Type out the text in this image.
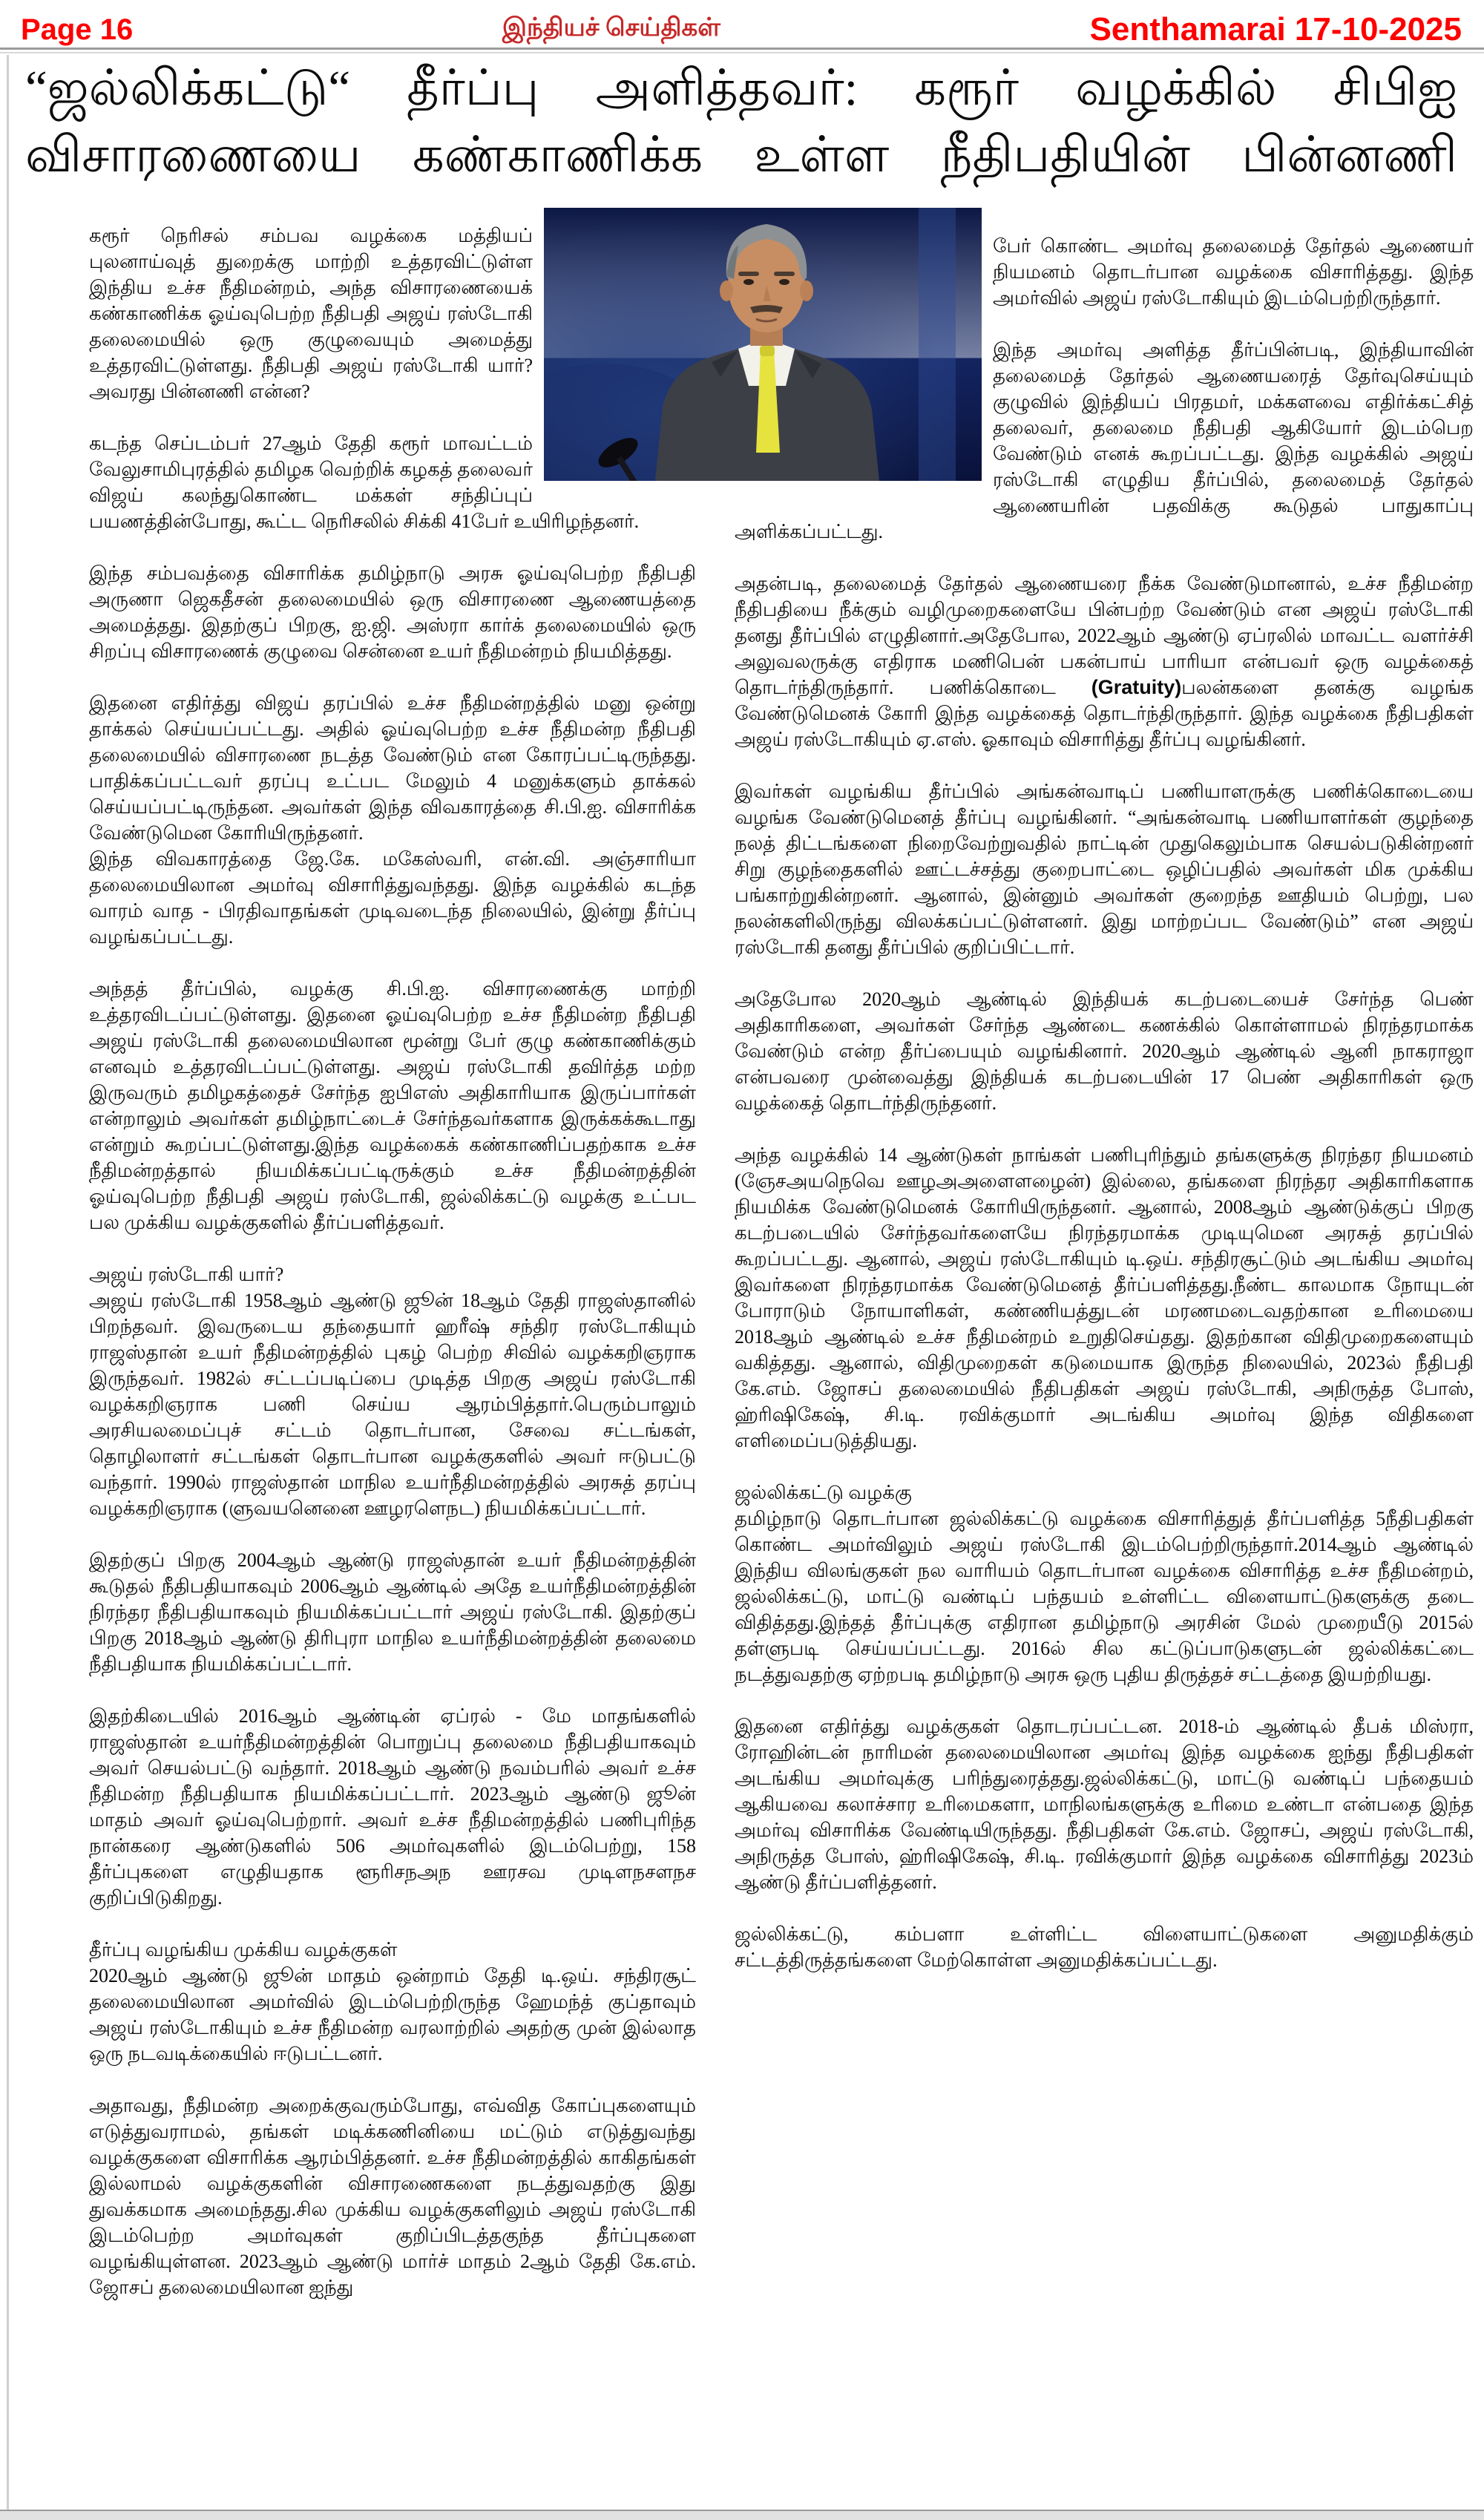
Page 16	இந்தியச் செய்திகள்	Senthamarai 17-10-2025
“ஜல்லிக்கட்டு“ தீர்ப்பு அளித்தவர்: கரூர் வழக்கில் சிபிஐ
விசாரணையை கண்காணிக்க உள்ள நீதிபதியின் பின்னணி

கரூர் நெரிசல் சம்பவ வழக்கை மத்தியப் புலனாய்வுத் துறைக்கு மாற்றி உத்தரவிட்டுள்ள இந்திய உச்ச நீதிமன்றம், அந்த விசாரணையைக் கண்காணிக்க ஓய்வுபெற்ற நீதிபதி அஜய் ரஸ்டோகி தலைமையில் ஒரு குழுவையும் அமைத்து உத்தரவிட்டுள்ளது. நீதிபதி அஜய் ரஸ்டோகி யார்? அவரது பின்னணி என்ன?

கடந்த செப்டம்பர் 27ஆம் தேதி கரூர் மாவட்டம் வேலுசாமிபுரத்தில் தமிழக வெற்றிக் கழகத் தலைவர் விஜய் கலந்துகொண்ட மக்கள் சந்திப்புப் பயணத்தின்போது, கூட்ட நெரிசலில் சிக்கி 41பேர் உயிரிழந்தனர்.

இந்த சம்பவத்தை விசாரிக்க தமிழ்நாடு அரசு ஓய்வுபெற்ற நீதிபதி அருணா ஜெகதீசன் தலைமையில் ஒரு விசாரணை ஆணையத்தை அமைத்தது. இதற்குப் பிறகு, ஐ.ஜி. அஸ்ரா கார்க் தலைமையில் ஒரு சிறப்பு விசாரணைக் குழுவை சென்னை உயர் நீதிமன்றம் நியமித்தது.

இதனை எதிர்த்து விஜய் தரப்பில் உச்ச நீதிமன்றத்தில் மனு ஒன்று தாக்கல் செய்யப்பட்டது. அதில் ஓய்வுபெற்ற உச்ச நீதிமன்ற நீதிபதி தலைமையில் விசாரணை நடத்த வேண்டும் என கோரப்பட்டிருந்தது. பாதிக்கப்பட்டவர் தரப்பு உட்பட மேலும் 4 மனுக்களும் தாக்கல் செய்யப்பட்டிருந்தன. அவர்கள் இந்த விவகாரத்தை சி.பி.ஐ. விசாரிக்க வேண்டுமென கோரியிருந்தனர்.

இந்த விவகாரத்தை ஜே.கே. மகேஸ்வரி, என்.வி. அஞ்சாரியா தலைமையிலான அமர்வு விசாரித்துவந்தது. இந்த வழக்கில் கடந்த வாரம் வாத - பிரதிவாதங்கள் முடிவடைந்த நிலையில், இன்று தீர்ப்பு வழங்கப்பட்டது.

அந்தத் தீர்ப்பில், வழக்கு சி.பி.ஐ. விசாரணைக்கு மாற்றி உத்தரவிடப்பட்டுள்ளது. இதனை ஓய்வுபெற்ற உச்ச நீதிமன்ற நீதிபதி அஜய் ரஸ்டோகி தலைமையிலான மூன்று பேர் குழு கண்காணிக்கும் எனவும் உத்தரவிடப்பட்டுள்ளது. அஜய் ரஸ்டோகி தவிர்த்த மற்ற இருவரும் தமிழகத்தைச் சேர்ந்த ஐபிஎஸ் அதிகாரியாக இருப்பார்கள் என்றாலும் அவர்கள் தமிழ்நாட்டைச் சேர்ந்தவர்களாக இருக்கக்கூடாது என்றும் கூறப்பட்டுள்ளது.இந்த வழக்கைக் கண்காணிப்பதற்காக உச்ச நீதிமன்றத்தால் நியமிக்கப்பட்டிருக்கும் உச்ச நீதிமன்றத்தின் ஓய்வுபெற்ற நீதிபதி அஜய் ரஸ்டோகி, ஜல்லிக்கட்டு வழக்கு உட்பட பல முக்கிய வழக்குகளில் தீர்ப்பளித்தவர்.

அஜய் ரஸ்டோகி யார்?

அஜய் ரஸ்டோகி 1958ஆம் ஆண்டு ஜூன் 18ஆம் தேதி ராஜஸ்தானில் பிறந்தவர். இவருடைய தந்தையார் ஹரீஷ் சந்திர ரஸ்டோகியும் ராஜஸ்தான் உயர் நீதிமன்றத்தில் புகழ் பெற்ற சிவில் வழக்கறிஞராக இருந்தவர். 1982ல் சட்டப்படிப்பை முடித்த பிறகு அஜய் ரஸ்டோகி வழக்கறிஞராக பணி செய்ய ஆரம்பித்தார்.பெரும்பாலும் அரசியலமைப்புச் சட்டம் தொடர்பான, சேவை சட்டங்கள், தொழிலாளர் சட்டங்கள் தொடர்பான வழக்குகளில் அவர் ஈடுபட்டு வந்தார். 1990ல் ராஜஸ்தான் மாநில உயர்நீதிமன்றத்தில் அரசுத் தரப்பு வழக்கறிஞராக (ளுவயனெனை ஊழரளெநட) நியமிக்கப்பட்டார்.

இதற்குப் பிறகு 2004ஆம் ஆண்டு ராஜஸ்தான் உயர் நீதிமன்றத்தின் கூடுதல் நீதிபதியாகவும் 2006ஆம் ஆண்டில் அதே உயர்நீதிமன்றத்தின் நிரந்தர நீதிபதியாகவும் நியமிக்கப்பட்டார் அஜய் ரஸ்டோகி. இதற்குப் பிறகு 2018ஆம் ஆண்டு திரிபுரா மாநில உயர்நீதிமன்றத்தின் தலைமை நீதிபதியாக நியமிக்கப்பட்டார்.

இதற்கிடையில் 2016ஆம் ஆண்டின் ஏப்ரல் - மே மாதங்களில் ராஜஸ்தான் உயர்நீதிமன்றத்தின் பொறுப்பு தலைமை நீதிபதியாகவும் அவர் செயல்பட்டு வந்தார். 2018ஆம் ஆண்டு நவம்பரில் அவர் உச்ச நீதிமன்ற நீதிபதியாக நியமிக்கப்பட்டார். 2023ஆம் ஆண்டு ஜூன் மாதம் அவர் ஓய்வுபெற்றார். அவர் உச்ச நீதிமன்றத்தில் பணிபுரிந்த நான்கரை ஆண்டுகளில் 506 அமர்வுகளில் இடம்பெற்று, 158 தீர்ப்புகளை எழுதியதாக ளூரிசநஅந ஊரசவ முடிளநசளநச குறிப்பிடுகிறது.

தீர்ப்பு வழங்கிய முக்கிய வழக்குகள்

2020ஆம் ஆண்டு ஜூன் மாதம் ஒன்றாம் தேதி டி.ஒய். சந்திரசூட் தலைமையிலான அமர்வில் இடம்பெற்றிருந்த ஹேமந்த் குப்தாவும் அஜய் ரஸ்டோகியும் உச்ச நீதிமன்ற வரலாற்றில் அதற்கு முன் இல்லாத ஒரு நடவடிக்கையில் ஈடுபட்டனர்.

அதாவது, நீதிமன்ற அறைக்குவரும்போது, எவ்வித கோப்புகளையும் எடுத்துவராமல், தங்கள் மடிக்கணினியை மட்டும் எடுத்துவந்து வழக்குகளை விசாரிக்க ஆரம்பித்தனர். உச்ச நீதிமன்றத்தில் காகிதங்கள் இல்லாமல் வழக்குகளின் விசாரணைகளை நடத்துவதற்கு இது துவக்கமாக அமைந்தது.சில முக்கிய வழக்குகளிலும் அஜய் ரஸ்டோகி இடம்பெற்ற அமர்வுகள் குறிப்பிடத்தகுந்த தீர்ப்புகளை வழங்கியுள்ளன. 2023ஆம் ஆண்டு மார்ச் மாதம் 2ஆம் தேதி கே.எம். ஜோசப் தலைமையிலான ஐந்து

பேர் கொண்ட அமர்வு தலைமைத் தேர்தல் ஆணையர் நியமனம் தொடர்பான வழக்கை விசாரித்தது. இந்த அமர்வில் அஜய் ரஸ்டோகியும் இடம்பெற்றிருந்தார்.

இந்த அமர்வு அளித்த தீர்ப்பின்படி, இந்தியாவின் தலைமைத் தேர்தல் ஆணையரைத் தேர்வுசெய்யும் குழுவில் இந்தியப் பிரதமர், மக்களவை எதிர்க்கட்சித் தலைவர், தலைமை நீதிபதி ஆகியோர் இடம்பெற வேண்டும் எனக் கூறப்பட்டது. இந்த வழக்கில் அஜய் ரஸ்டோகி எழுதிய தீர்ப்பில், தலைமைத் தேர்தல் ஆணையரின் பதவிக்கு கூடுதல் பாதுகாப்பு அளிக்கப்பட்டது.

அதன்படி, தலைமைத் தேர்தல் ஆணையரை நீக்க வேண்டுமானால், உச்ச நீதிமன்ற நீதிபதியை நீக்கும் வழிமுறைகளையே பின்பற்ற வேண்டும் என அஜய் ரஸ்டோகி தனது தீர்ப்பில் எழுதினார்.அதேபோல, 2022ஆம் ஆண்டு ஏப்ரலில் மாவட்ட வளர்ச்சி அலுவலருக்கு எதிராக மணிபென் பகன்பாய் பாரியா என்பவர் ஒரு வழக்கைத் தொடர்ந்திருந்தார். பணிக்கொடை (Gratuity)பலன்களை தனக்கு வழங்க வேண்டுமெனக் கோரி இந்த வழக்கைத் தொடர்ந்திருந்தார். இந்த வழக்கை நீதிபதிகள் அஜய் ரஸ்டோகியும் ஏ.எஸ். ஓகாவும் விசாரித்து தீர்ப்பு வழங்கினர்.

இவர்கள் வழங்கிய தீர்ப்பில் அங்கன்வாடிப் பணியாளருக்கு பணிக்கொடையை வழங்க வேண்டுமெனத் தீர்ப்பு வழங்கினர். “அங்கன்வாடி பணியாளர்கள் குழந்தை நலத் திட்டங்களை நிறைவேற்றுவதில் நாட்டின் முதுகெலும்பாக செயல்படுகின்றனர் சிறு குழந்தைகளில் ஊட்டச்சத்து குறைபாட்டை ஒழிப்பதில் அவர்கள் மிக முக்கிய பங்காற்றுகின்றனர். ஆனால், இன்னும் அவர்கள் குறைந்த ஊதியம் பெற்று, பல நலன்களிலிருந்து விலக்கப்பட்டுள்ளனர். இது மாற்றப்பட வேண்டும்” என அஜய் ரஸ்டோகி தனது தீர்ப்பில் குறிப்பிட்டார்.

அதேபோல 2020ஆம் ஆண்டில் இந்தியக் கடற்படையைச் சேர்ந்த பெண் அதிகாரிகளை, அவர்கள் சேர்ந்த ஆண்டை கணக்கில் கொள்ளாமல் நிரந்தரமாக்க வேண்டும் என்ற தீர்ப்பையும் வழங்கினார். 2020ஆம் ஆண்டில் ஆனி நாகராஜா என்பவரை முன்வைத்து இந்தியக் கடற்படையின் 17 பெண் அதிகாரிகள் ஒரு வழக்கைத் தொடர்ந்திருந்தனர்.

அந்த வழக்கில் 14 ஆண்டுகள் நாங்கள் பணிபுரிந்தும் தங்களுக்கு நிரந்தர நியமனம் (ஞேசஅயநெவெ ஊழஅஅளைளழைன்) இல்லை, தங்களை நிரந்தர அதிகாரிகளாக நியமிக்க வேண்டுமெனக் கோரியிருந்தனர். ஆனால், 2008ஆம் ஆண்டுக்குப் பிறகு கடற்படையில் சேர்ந்தவர்களையே நிரந்தரமாக்க முடியுமென அரசுத் தரப்பில் கூறப்பட்டது. ஆனால், அஜய் ரஸ்டோகியும் டி.ஒய். சந்திரசூட்டும் அடங்கிய அமர்வு இவர்களை நிரந்தரமாக்க வேண்டுமெனத் தீர்ப்பளித்தது.நீண்ட காலமாக நோயுடன் போராடும் நோயாளிகள், கண்ணியத்துடன் மரணமடைவதற்கான உரிமையை 2018ஆம் ஆண்டில் உச்ச நீதிமன்றம் உறுதிசெய்தது. இதற்கான விதிமுறைகளையும் வகித்தது. ஆனால், விதிமுறைகள் கடுமையாக இருந்த நிலையில், 2023ல் நீதிபதி கே.எம். ஜோசப் தலைமையில் நீதிபதிகள் அஜய் ரஸ்டோகி, அநிருத்த போஸ், ஹ்ரிஷிகேஷ், சி.டி. ரவிக்குமார் அடங்கிய அமர்வு இந்த விதிகளை எளிமைப்படுத்தியது.

ஜல்லிக்கட்டு வழக்கு

தமிழ்நாடு தொடர்பான ஜல்லிக்கட்டு வழக்கை விசாரித்துத் தீர்ப்பளித்த 5நீதிபதிகள் கொண்ட அமர்விலும் அஜய் ரஸ்டோகி இடம்பெற்றிருந்தார்.2014ஆம் ஆண்டில் இந்திய விலங்குகள் நல வாரியம் தொடர்பான வழக்கை விசாரித்த உச்ச நீதிமன்றம், ஜல்லிக்கட்டு, மாட்டு வண்டிப் பந்தயம் உள்ளிட்ட விளையாட்டுகளுக்கு தடை விதித்தது.இந்தத் தீர்ப்புக்கு எதிரான தமிழ்நாடு அரசின் மேல் முறையீடு 2015ல் தள்ளுபடி செய்யப்பட்டது. 2016ல் சில கட்டுப்பாடுகளுடன் ஜல்லிக்கட்டை நடத்துவதற்கு ஏற்றபடி தமிழ்நாடு அரசு ஒரு புதிய திருத்தச் சட்டத்தை இயற்றியது.

இதனை எதிர்த்து வழக்குகள் தொடரப்பட்டன. 2018-ம் ஆண்டில் தீபக் மிஸ்ரா, ரோஹின்டன் நாரிமன் தலைமையிலான அமர்வு இந்த வழக்கை ஐந்து நீதிபதிகள் அடங்கிய அமர்வுக்கு பரிந்துரைத்தது.ஜல்லிக்கட்டு, மாட்டு வண்டிப் பந்தையம் ஆகியவை கலாச்சார உரிமைகளா, மாநிலங்களுக்கு உரிமை உண்டா என்பதை இந்த அமர்வு விசாரிக்க வேண்டியிருந்தது. நீதிபதிகள் கே.எம். ஜோசப், அஜய் ரஸ்டோகி, அநிருத்த போஸ், ஹ்ரிஷிகேஷ், சி.டி. ரவிக்குமார் இந்த வழக்கை விசாரித்து 2023ம் ஆண்டு தீர்ப்பளித்தனர்.

ஜல்லிக்கட்டு, கம்பளா உள்ளிட்ட விளையாட்டுகளை அனுமதிக்கும் சட்டத்திருத்தங்களை மேற்கொள்ள அனுமதிக்கப்பட்டது.
